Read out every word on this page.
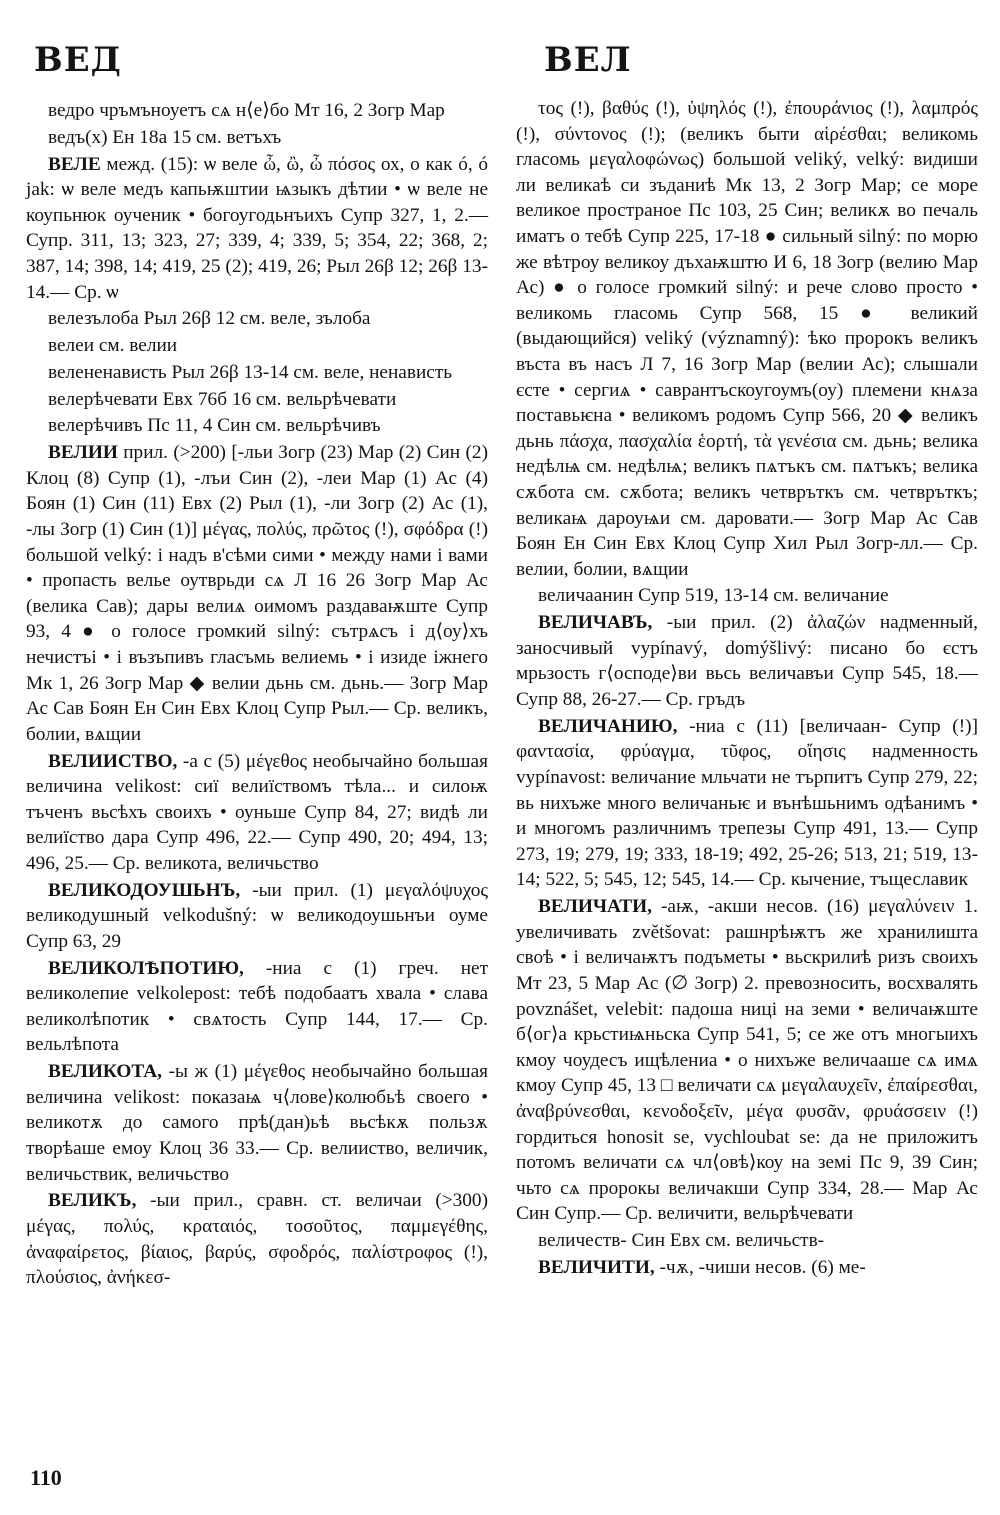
ВЕД	ВЕЛ

ведро чръмъноуетъ сѧ н⟨е⟩бо Мт 16, 2 Зогр Мар

ведъ(х) Ен 18а 15 см. ветъхъ

ВЕЛЕ межд. (15): ѡ веле ὦ, ὢ, ὦ πόσος ох, о как ó, ó jak: ѡ веле медъ капьѭштии ѩзыкъ дѣтии • ѡ веле не коупьнюк оученик • богоугодьнъихъ Супр 327, 1, 2.— Супр. 311, 13; 323, 27; 339, 4; 339, 5; 354, 22; 368, 2; 387, 14; 398, 14; 419, 25 (2); 419, 26; Рыл 26β 12; 26β 13-14.— Ср. ѡ

велезълоба Рыл 26β 12 см. веле, зълоба

велеи см. велии

велененависть Рыл 26β 13-14 см. веле, ненависть

велерѣчевати Евх 76б 16 см. вельрѣчевати

велерѣчивъ Пс 11, 4 Син см. вельрѣчивъ

ВЕЛИИ прил. (>200) [-льи Зогр (23) Мар (2) Син (2) Клоц (8) Супр (1), -лъи Син (2), -леи Мар (1) Ас (4) Боян (1) Син (11) Евх (2) Рыл (1), -ли Зогр (2) Ас (1), -лы Зогр (1) Син (1)] μέγας, πολύς, πρῶτος (!), σφόδρα (!) большой velký: і надъ в'сѣми сими • между нами і вами • пропасть велье оутврьди сѧ Л 16 26 Зогр Мар Ас (велика Сав); дары велиѧ оимомъ раздаваѭште Супр 93, 4 ● о голосе громкий silný: сътрѧсъ і д⟨оу⟩хъ нечистъі • і възъпивъ гласъмь велиемь • і изиде іжнего Мк 1, 26 Зогр Мар ◆ велии дьнь см. дьнь.— Зогр Мар Ас Сав Боян Ен Син Евх Клоц Супр Рыл.— Ср. великъ, болии, вѧщии

ВЕЛИИСТВО, -а с (5) μέγεθος необычайно большая величина velikost: сиї велиїствомъ тѣла... и силоѭ тъченъ вьсѣхъ своихъ • оуньше Супр 84, 27; видѣ ли велиїство дара Супр 496, 22.— Супр 490, 20; 494, 13; 496, 25.— Ср. великота, величьство

ВЕЛИКОДОУШЬНЪ, -ыи прил. (1) μεγαλόψυχος великодушный velkodušný: ѡ великодоушьнъи оуме Супр 63, 29

ВЕЛИКОЛѢПОТИЮ, -ниа с (1) греч. нет великолепие velkolepost: тебѣ подобаатъ хвала • слава великолѣпотик • свѧтость Супр 144, 17.— Ср. вельлѣпота

ВЕЛИКОТА, -ы ж (1) μέγεθος необычайно большая величина velikost: показаѩ ч⟨лове⟩колюбьѣ своего • великотѫ до самого прѣ(дан)ьѣ вьсѣкѫ пользѫ творѣаше емоу Клоц 36 33.— Ср. велииство, величик, величьствик, величьство

ВЕЛИКЪ, -ыи прил., сравн. ст. величаи (>300) μέγας, πολύς, κραταιός, τοσοῦτος, παμμεγέθης, ἀναφαίρετος, βίαιος, βαρύς, σφοδρός, παλίστροφος (!), πλούσιος, ἀνήκεσ-

τος (!), βαθύς (!), ὑψηλός (!), ἐπουράνιος (!), λαμπρός (!), σύντονος (!); (великъ быти αἱρέσθαι; великомь гласомь μεγαλοφώνως) большой veliký, velký: видиши ли великаѣ си зъданиѣ Мк 13, 2 Зогр Мар; се море великое пространое Пс 103, 25 Син; великѫ во печаль иматъ о тебѣ Супр 225, 17-18 ● сильный silný: по морю же вѣтроу великоу дъхаѭштю И 6, 18 Зогр (велию Мар Ас) ● о голосе громкий silný: и рече слово просто • великомь гласомь Супр 568, 15 ● великий (выдающийся) veliký (významný): ѣко пророкъ великъ въста въ насъ Л 7, 16 Зогр Мар (велии Ас); слышали єсте • сергиѧ • саврантъскоугоумъ(оу) племени кнѧза поставьѥна • великомъ родомъ Супр 566, 20 ◆ великъ дьнь πάσχα, πασχαλία ἑορτή, τὰ γενέσια см. дьнь; велика недѣлѩ см. недѣлѩ; великъ пѧтъкъ см. пѧтъкъ; велика сѫбота см. сѫбота; великъ четвръткъ см. четвръткъ; великаѩ дароуѩи см. даровати.— Зогр Мар Ас Сав Боян Ен Син Евх Клоц Супр Хил Рыл Зогр-лл.— Ср. велии, болии, вѧщии

величаанин Супр 519, 13-14 см. величание

ВЕЛИЧАВЪ, -ыи прил. (2) ἀλαζών надменный, заносчивый vypínavý, domýšlivý: писано бо єстъ мрьзость г⟨осподе⟩ви вьсь величавъи Супр 545, 18.— Супр 88, 26-27.— Ср. гръдъ

ВЕЛИЧАНИЮ, -ниа с (11) [величаан- Супр (!)] φαντασία, φρύαγμα, τῦφος, οἴησις надменность vypínavost: величание мльчати не търпитъ Супр 279, 22; вь нихъже много величаньѥ и вънѣшьнимъ одѣанимъ • и многомъ различнимъ трепезы Супр 491, 13.— Супр 273, 19; 279, 19; 333, 18-19; 492, 25-26; 513, 21; 519, 13-14; 522, 5; 545, 12; 545, 14.— Ср. кычение, тъщеславик

ВЕЛИЧАТИ, -аѭ, -акши несов. (16) μεγαλύνειν 1. увеличивать zvětšovat: рашнрѣѭтъ же хранилишта своѣ • і величаѭтъ подъметы • вьскрилиѣ ризъ своихъ Мт 23, 5 Мар Ас (∅ Зогр) 2. превозносить, восхвалять povznášet, velebit: падоша ниці на земи • величаѭште б⟨ог⟩а крьстиѩньска Супр 541, 5; се же отъ многыихъ кмоу чоудесъ ищѣлениа • о нихъже величааше сѧ имѧ кмоу Супр 45, 13 □ величати сѧ μεγαλαυχεῖν, ἐπαίρεσθαι, ἀναβρύνεσθαι, κενοδοξεῖν, μέγα φυσᾶν, φρυάσσειν (!) гордиться honosit se, vychloubat se: да не приложитъ потомъ величати сѧ чл⟨овѣ⟩коу на земі Пс 9, 39 Син; чьто сѧ пророкы величакши Супр 334, 28.— Мар Ас Син Супр.— Ср. величити, вельрѣчевати

величеств- Син Евх см. величьств-

ВЕЛИЧИТИ, -чѫ, -чиши несов. (6) ме-

110
